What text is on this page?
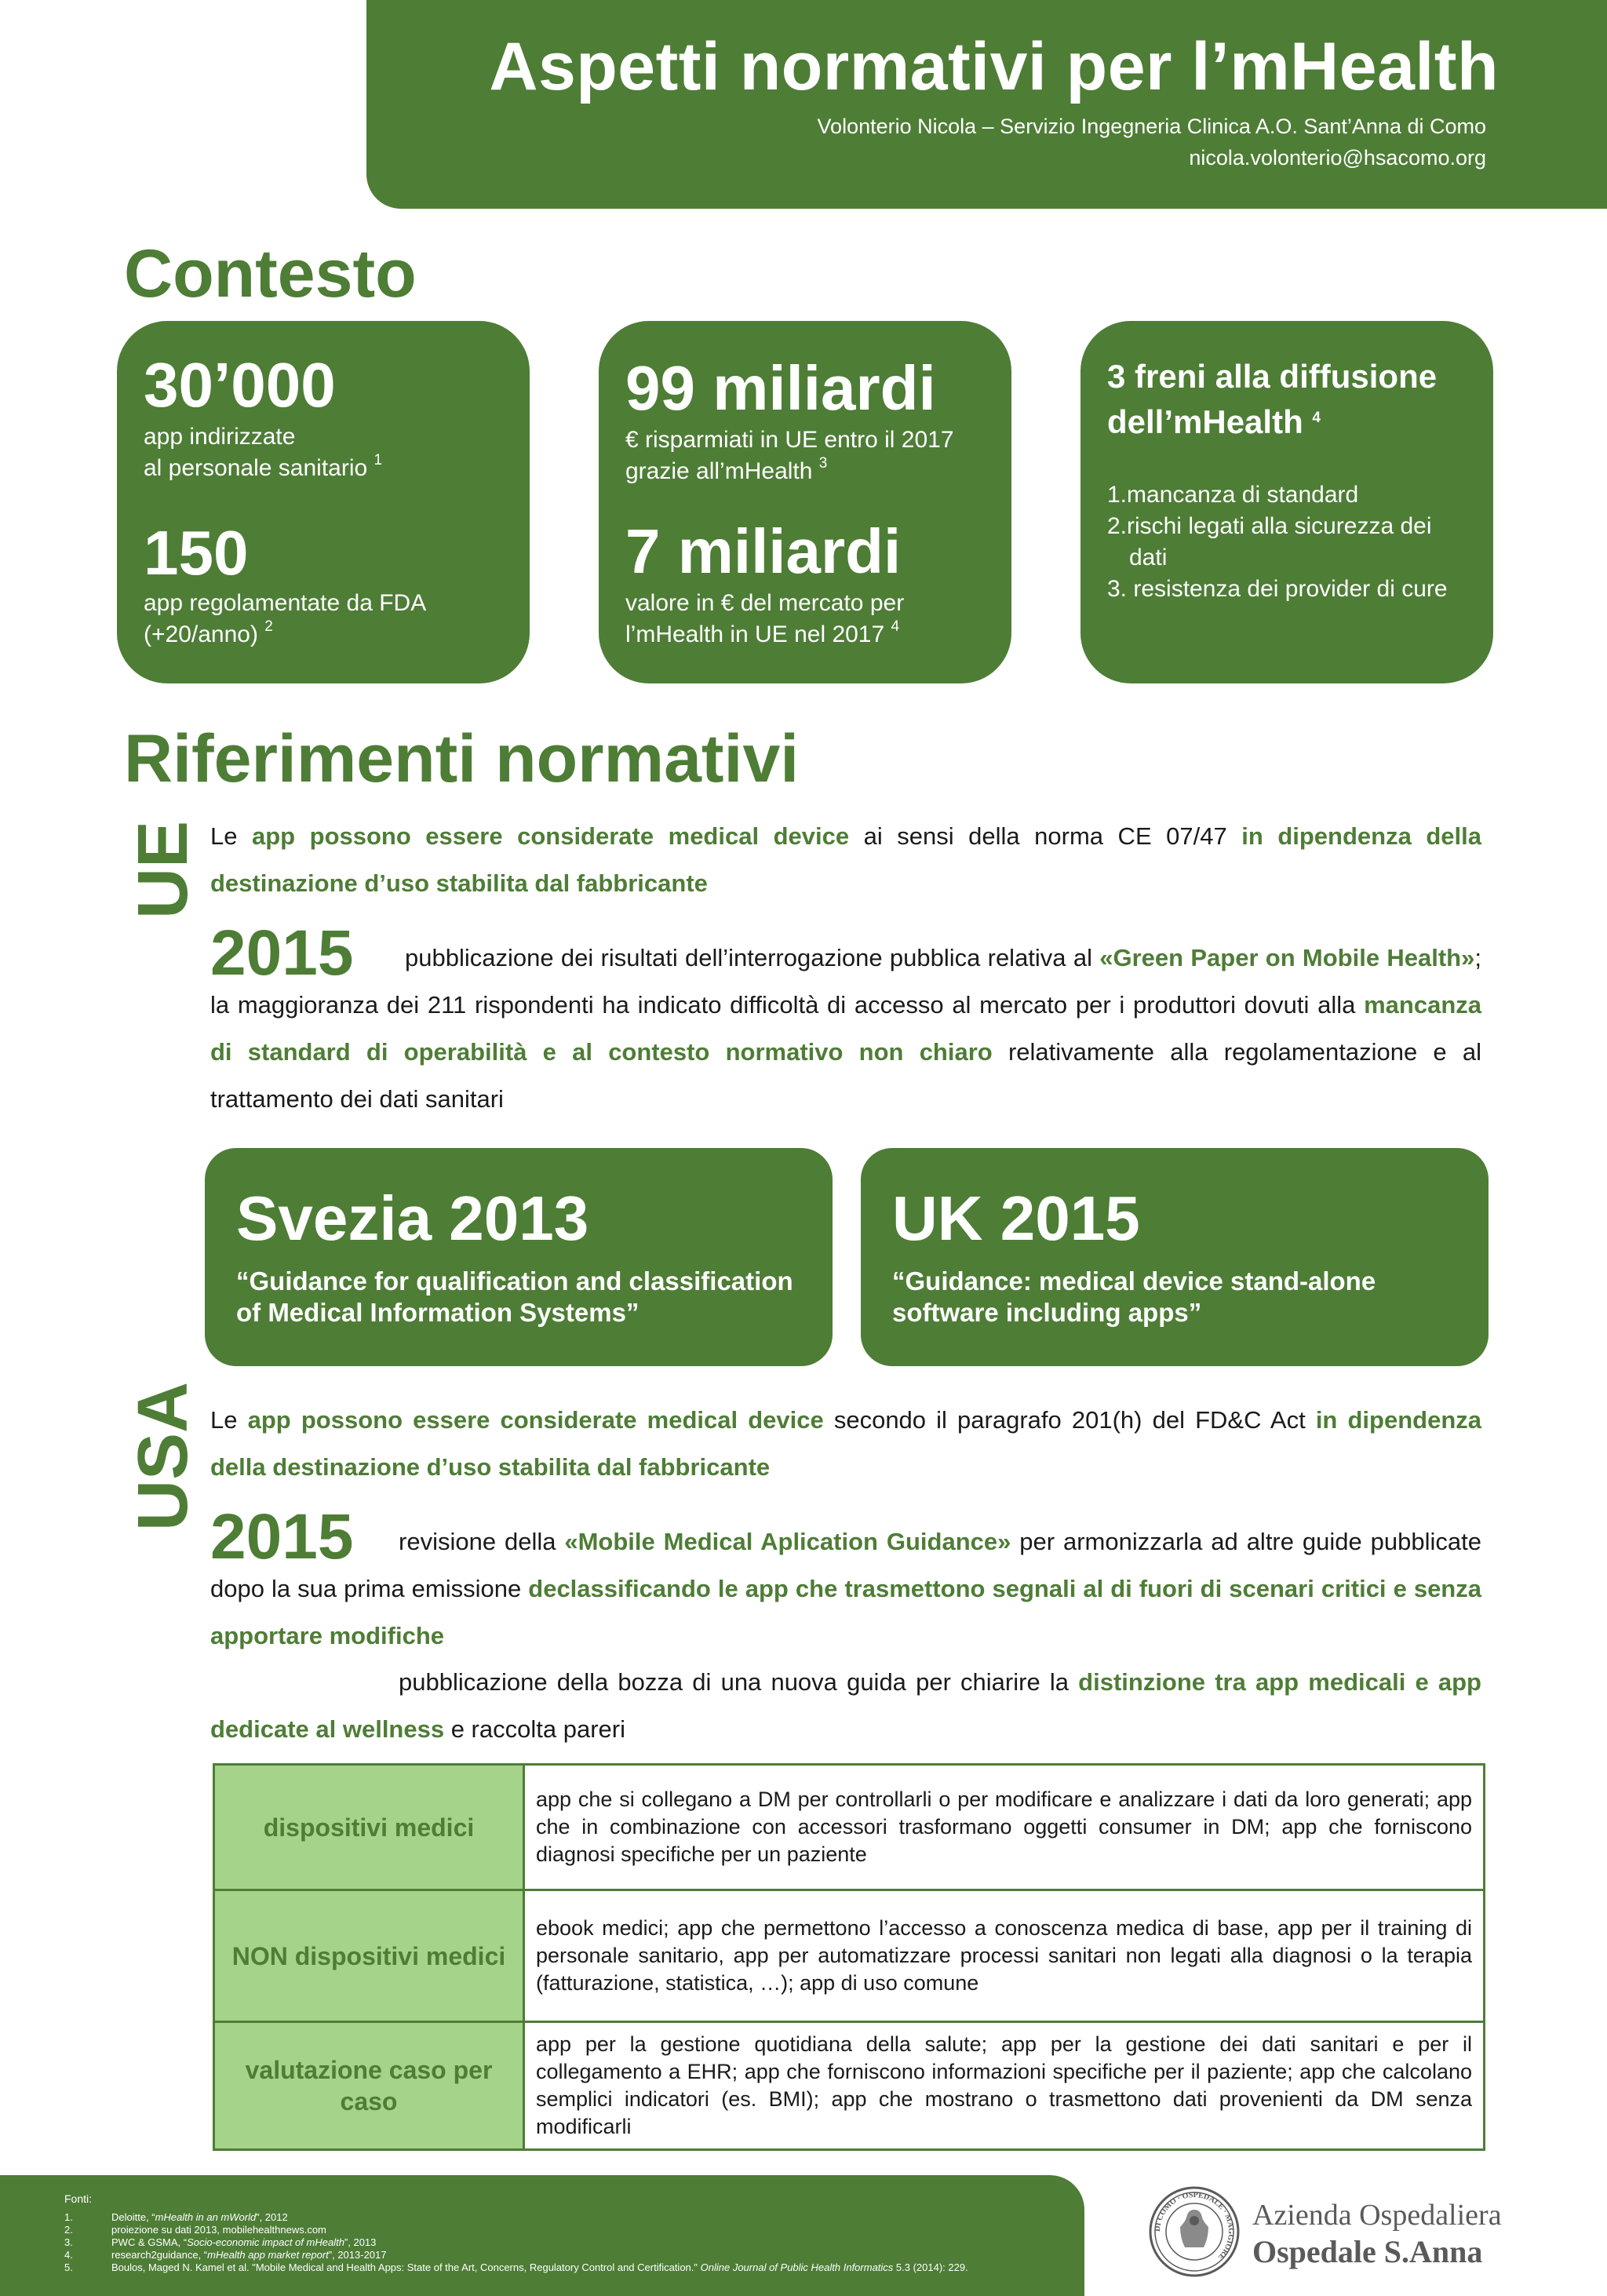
Aspetti normativi per l’mHealth
Volonterio Nicola – Servizio Ingegneria Clinica A.O. Sant’Anna di Como
nicola.volonterio@hsacomo.org
Contesto
30’000
app indirizzate
al personale sanitario $^1$
150
app regolamentate da FDA
(+20/anno) $^2$
99 miliardi
€ risparmiati in UE entro il 2017
grazie all’mHealth $^3$
7 miliardi
valore in € del mercato per
l’mHealth in UE nel 2017 $^4$
3 freni alla diffusione
dell’mHealth $^4$
1.mancanza di standard
2.rischi legati alla sicurezza dei dati
3. resistenza dei provider di cure
Riferimenti normativi
UE Le app possono essere considerate medical device ai sensi della norma CE 07/47 in dipendenza della destinazione d’uso stabilita dal fabbricante
2015	pubblicazione dei risultati dell’interrogazione pubblica relativa al «Green Paper on Mobile Health»; la maggioranza dei 211 rispondenti ha indicato difficoltà di accesso al mercato per i produttori dovuti alla mancanza di standard di operabilità e al contesto normativo non chiaro relativamente alla regolamentazione e al trattamento dei dati sanitari
Svezia 2013
“Guidance for qualification and classification of Medical Information Systems”
UK 2015
“Guidance: medical device stand-alone software including apps”
USA Le app possono essere considerate medical device secondo il paragrafo 201(h) del FD&C Act in dipendenza della destinazione d’uso stabilita dal fabbricante
2015	revisione della «Mobile Medical Aplication Guidance» per armonizzarla ad altre guide pubblicate dopo la sua prima emissione declassificando le app che trasmettono segnali al di fuori di scenari critici e senza apportare modifiche
pubblicazione della bozza di una nuova guida per chiarire la distinzione tra app medicali e app dedicate al wellness e raccolta pareri
dispositivi medici	app che si collegano a DM per controllarli o per modificare e analizzare i dati da loro generati; app che in combinazione con accessori trasformano oggetti consumer in DM; app che forniscono diagnosi specifiche per un paziente
NON dispositivi medici	ebook medici; app che permettono l’accesso a conoscenza medica di base, app per il training di personale sanitario, app per automatizzare processi sanitari non legati alla diagnosi o la terapia (fatturazione, statistica, …); app di uso comune
valutazione caso per caso	app per la gestione quotidiana della salute; app per la gestione dei dati sanitari e per il collegamento a EHR; app che forniscono informazioni specifiche per il paziente; app che calcolano semplici indicatori (es. BMI); app che mostrano o trasmettono dati provenienti da DM senza modificarli
Fonti:
1.	Deloitte, “mHealth in an mWorld”, 2012
2.	proiezione su dati 2013, mobilehealthnews.com
3.	PWC & GSMA, “Socio-economic impact of mHealth”, 2013
4.	research2guidance, “mHealth app market report”, 2013-2017
5.	Boulos, Maged N. Kamel et al. "Mobile Medical and Health Apps: State of the Art, Concerns, Regulatory Control and Certification." Online Journal of Public Health Informatics 5.3 (2014): 229.
DI COMO · OSPEDALE · MAGGIORE
Azienda Ospedaliera
Ospedale S.Anna
